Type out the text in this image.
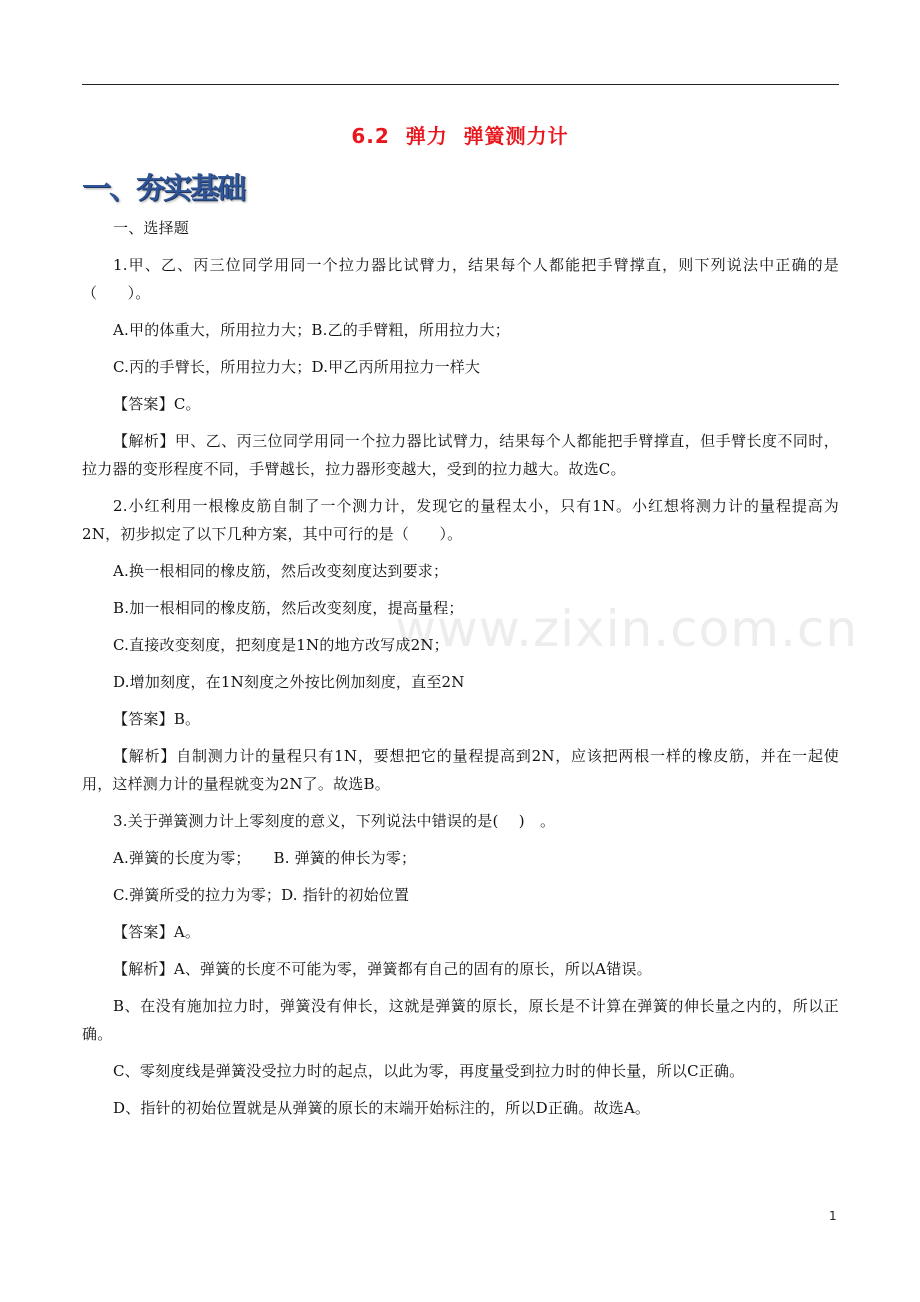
6.2  弹力  弹簧测力计
一、夯实基础
www.zixin.com.cn

一、选择题

1.甲、乙、丙三位同学用同一个拉力器比试臂力，结果每个人都能把手臂撑直，则下列说法中正确的是（　　）。

A.甲的体重大，所用拉力大；B.乙的手臂粗，所用拉力大；

C.丙的手臂长，所用拉力大；D.甲乙丙所用拉力一样大

【答案】C。

【解析】甲、乙、丙三位同学用同一个拉力器比试臂力，结果每个人都能把手臂撑直，但手臂长度不同时，拉力器的变形程度不同，手臂越长，拉力器形变越大，受到的拉力越大。故选C。

2.小红利用一根橡皮筋自制了一个测力计，发现它的量程太小，只有1N。小红想将测力计的量程提高为2N，初步拟定了以下几种方案，其中可行的是（　　）。

A.换一根相同的橡皮筋，然后改变刻度达到要求；

B.加一根相同的橡皮筋，然后改变刻度，提高量程；

C.直接改变刻度，把刻度是1N的地方改写成2N；

D.增加刻度，在1N刻度之外按比例加刻度，直至2N

【答案】B。

【解析】自制测力计的量程只有1N，要想把它的量程提高到2N，应该把两根一样的橡皮筋，并在一起使用，这样测力计的量程就变为2N了。故选B。

3.关于弹簧测力计上零刻度的意义，下列说法中错误的是(　 )　。

A.弹簧的长度为零；　　B. 弹簧的伸长为零；

C.弹簧所受的拉力为零；D. 指针的初始位置

【答案】A。

【解析】A、弹簧的长度不可能为零，弹簧都有自己的固有的原长，所以A错误。

B、在没有施加拉力时，弹簧没有伸长，这就是弹簧的原长，原长是不计算在弹簧的伸长量之内的，所以正确。

C、零刻度线是弹簧没受拉力时的起点，以此为零，再度量受到拉力时的伸长量，所以C正确。

D、指针的初始位置就是从弹簧的原长的末端开始标注的，所以D正确。故选A。

1
